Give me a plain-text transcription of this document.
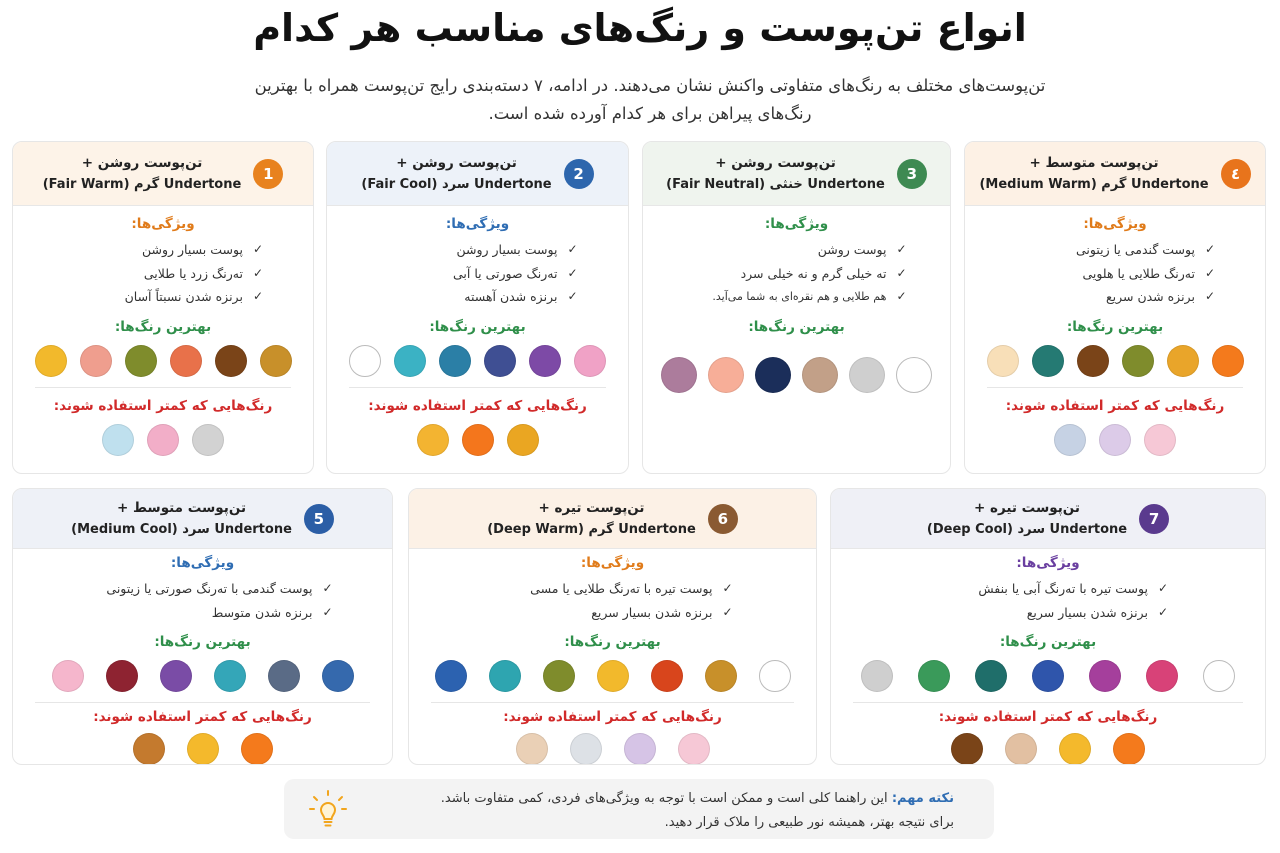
انواع تن‌پوست و رنگ‌های مناسب هر کدام
تن‌پوست‌های مختلف به رنگ‌های متفاوتی واکنش نشان می‌دهند. در ادامه، ۷ دسته‌بندی رایج تن‌پوست همراه با بهترین رنگ‌های پیراهن برای هر کدام آورده شده است.
1
تن‌پوست روشن +
Undertone گرم (Fair Warm)
ویژگی‌ها:
✓
پوست بسیار روشن
✓
ته‌رنگ زرد یا طلایی
✓
برنزه شدن نسبتاً آسان
بهترین رنگ‌ها:
رنگ‌هایی که کمتر استفاده شوند:
2
تن‌پوست روشن +
Undertone سرد (Fair Cool)
ویژگی‌ها:
✓
پوست بسیار روشن
✓
ته‌رنگ صورتی یا آبی
✓
برنزه شدن آهسته
بهترین رنگ‌ها:
رنگ‌هایی که کمتر استفاده شوند:
3
تن‌پوست روشن +
Undertone خنثی (Fair Neutral)
ویژگی‌ها:
✓
پوست روشن
✓
ته خیلی گرم و نه خیلی سرد
✓
هم طلایی و هم نقره‌ای به شما می‌آید.
بهترین رنگ‌ها:
٤
تن‌پوست متوسط +
Undertone گرم (Medium Warm)
ویژگی‌ها:
✓
پوست گندمی یا زیتونی
✓
ته‌رنگ طلایی یا هلویی
✓
برنزه شدن سریع
بهترین رنگ‌ها:
رنگ‌هایی که کمتر استفاده شوند:
5
تن‌پوست متوسط +
Undertone سرد (Medium Cool)
ویژگی‌ها:
✓
پوست گندمی با ته‌رنگ صورتی یا زیتونی
✓
برنزه شدن متوسط
بهترین رنگ‌ها:
رنگ‌هایی که کمتر استفاده شوند:
6
تن‌پوست تیره +
Undertone گرم (Deep Warm)
ویژگی‌ها:
✓
پوست تیره با ته‌رنگ طلایی یا مسی
✓
برنزه شدن بسیار سریع
بهترین رنگ‌ها:
رنگ‌هایی که کمتر استفاده شوند:
7
تن‌پوست تیره +
Undertone سرد (Deep Cool)
ویژگی‌ها:
✓
پوست تیره با ته‌رنگ آبی یا بنفش
✓
برنزه شدن بسیار سریع
بهترین رنگ‌ها:
رنگ‌هایی که کمتر استفاده شوند:
نکته مهم: این راهنما کلی است و ممکن است با توجه به ویژگی‌های فردی، کمی متفاوت باشد.
برای نتیجه بهتر، همیشه نور طبیعی را ملاک قرار دهید.
